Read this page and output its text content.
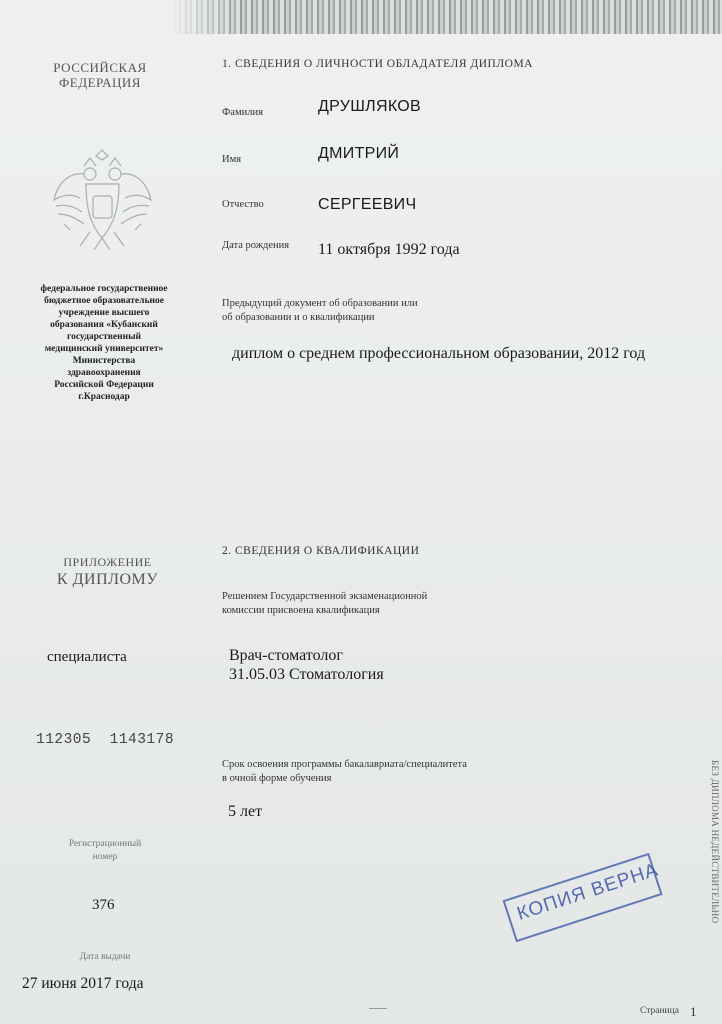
РОССИЙСКАЯ
ФЕДЕРАЦИЯ
федеральное государственное
бюджетное образовательное
учреждение высшего
образования «Кубанский
государственный
медицинский университет»
Министерства
здравоохранения
Российской Федерации
г.Краснодар
ПРИЛОЖЕНИЕ
К ДИПЛОМУ
специалиста
112305  1143178
Регистрационный
номер
376
Дата выдачи
27 июня 2017 года
1. СВЕДЕНИЯ О ЛИЧНОСТИ ОБЛАДАТЕЛЯ ДИПЛОМА
Фамилия	ДРУШЛЯКОВ
Имя	ДМИТРИЙ
Отчество	СЕРГЕЕВИЧ
Дата рождения 11 октября 1992 года
Предыдущий документ об образовании или
об образовании и о квалификации
диплом о среднем профессиональном образовании, 2012 год
2. СВЕДЕНИЯ О КВАЛИФИКАЦИИ
Решением Государственной экзаменационной
комиссии присвоена квалификация
Врач-стоматолог
31.05.03 Стоматология
Срок освоения программы бакалавриата/специалитета
в очной форме обучения
5 лет
КОПИЯ ВЕРНА
Страница 1
БЕЗ ДИПЛОМА НЕДЕЙСТВИТЕЛЬНО
